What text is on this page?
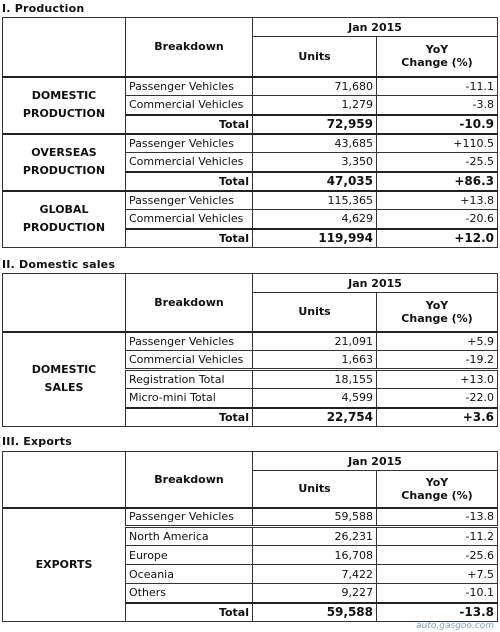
I. Production
	Breakdown	Jan 2015	
		Units	YoY
Change (%)
DOMESTIC
PRODUCTION	Passenger Vehicles	71,680	-11.1
	Commercial Vehicles	1,279	-3.8
	Total	72,959	-10.9
OVERSEAS
PRODUCTION	Passenger Vehicles	43,685	+110.5
	Commercial Vehicles	3,350	-25.5
	Total	47,035	+86.3
GLOBAL
PRODUCTION	Passenger Vehicles	115,365	+13.8
	Commercial Vehicles	4,629	-20.6
	Total	119,994	+12.0
II. Domestic sales
	Breakdown	Jan 2015	
		Units	YoY
Change (%)
DOMESTIC
SALES	Passenger Vehicles	21,091	+5.9
	Commercial Vehicles	1,663	-19.2
	Registration Total	18,155	+13.0
	Micro-mini Total	4,599	-22.0
	Total	22,754	+3.6
III. Exports
	Breakdown	Jan 2015	
		Units	YoY
Change (%)
EXPORTS	Passenger Vehicles	59,588	-13.8
	North America	26,231	-11.2
	Europe	16,708	-25.6
	Oceania	7,422	+7.5
	Others	9,227	-10.1
	Total	59,588	-13.8
auto.gasgoo.com
